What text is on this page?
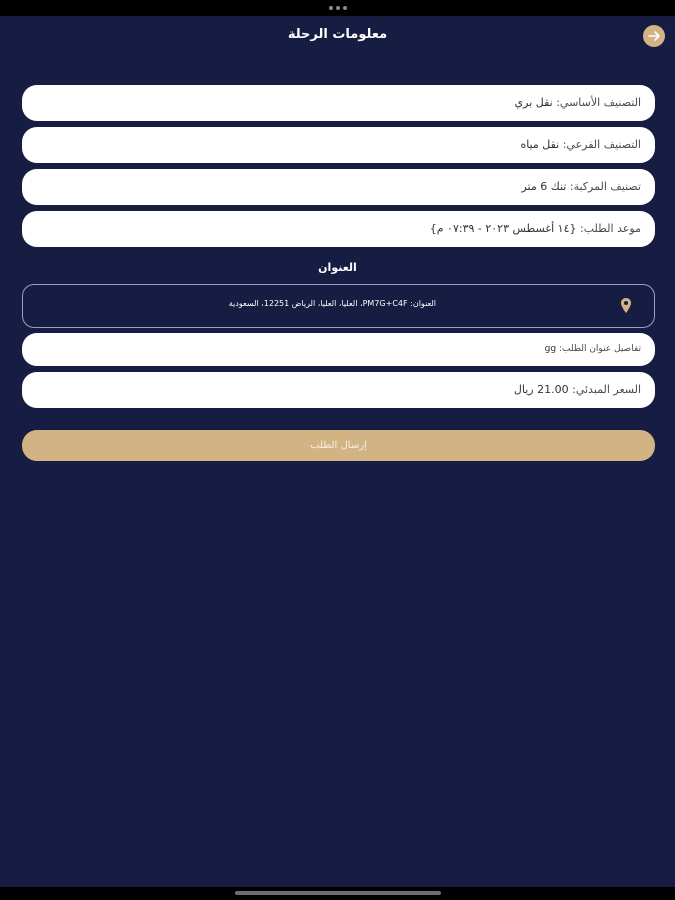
معلومات الرحلة
التصنيف الأساسي: نقل بري
التصنيف الفرعي: نقل مياه
تصنيف المركبة: تنك 6 متر
موعد الطلب: {١٤ أغسطس ٢٠٢٣ - ٠٧:٣٩ م}
العنوان
العنوان: PM7G+C4F، العليا، العليا، الرياض 12251، السعودية
تفاصيل عنوان الطلب: gg
السعر المبدئي: 21.00 ريال
إرسال الطلب
